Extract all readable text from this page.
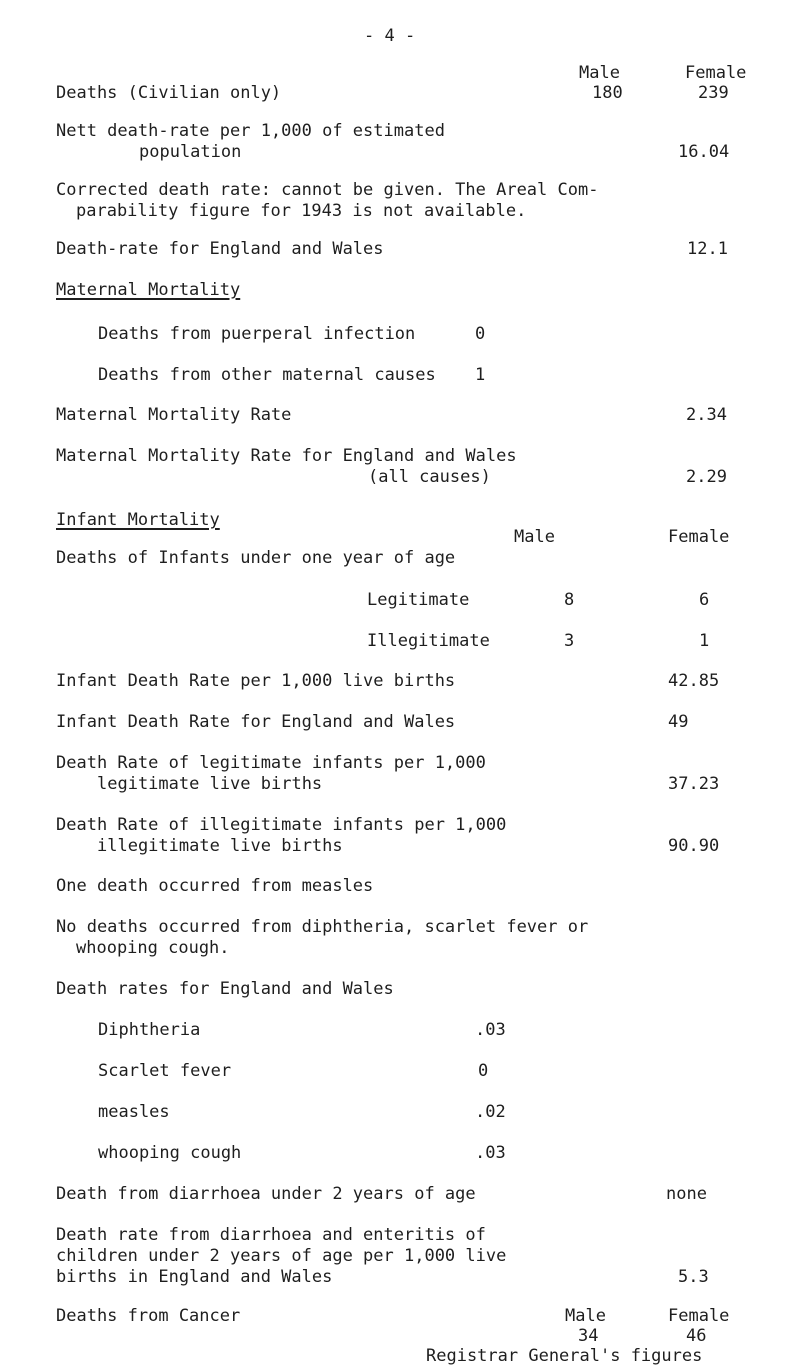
- 4 -
Male	Female
Deaths (Civilian only)	180	239
Nett death-rate per 1,000 of estimated
population	16.04
Corrected death rate: cannot be given. The Areal Com-
parability figure for 1943 is not available.
Death-rate for England and Wales	12.1
Maternal Mortality
Deaths from puerperal infection	0
Deaths from other maternal causes 1
Maternal Mortality Rate	2.34
Maternal Mortality Rate for England and Wales
(all causes)	2.29
Infant Mortality
Male	Female
Deaths of Infants under one year of age
Legitimate	8	6
Illegitimate	3	1
Infant Death Rate per 1,000 live births	42.85
Infant Death Rate for England and Wales	49
Death Rate of legitimate infants per 1,000
legitimate live births	37.23
Death Rate of illegitimate infants per 1,000
illegitimate live births	90.90
One death occurred from measles
No deaths occurred from diphtheria, scarlet fever or
whooping cough.
Death rates for England and Wales
Diphtheria	.03
Scarlet fever	0
measles	.02
whooping cough	.03
Death from diarrhoea under 2 years of age	none
Death rate from diarrhoea and enteritis of
children under 2 years of age per 1,000 live
births in England and Wales	5.3
Deaths from Cancer	Male	Female
34	46
Registrar General's figures
